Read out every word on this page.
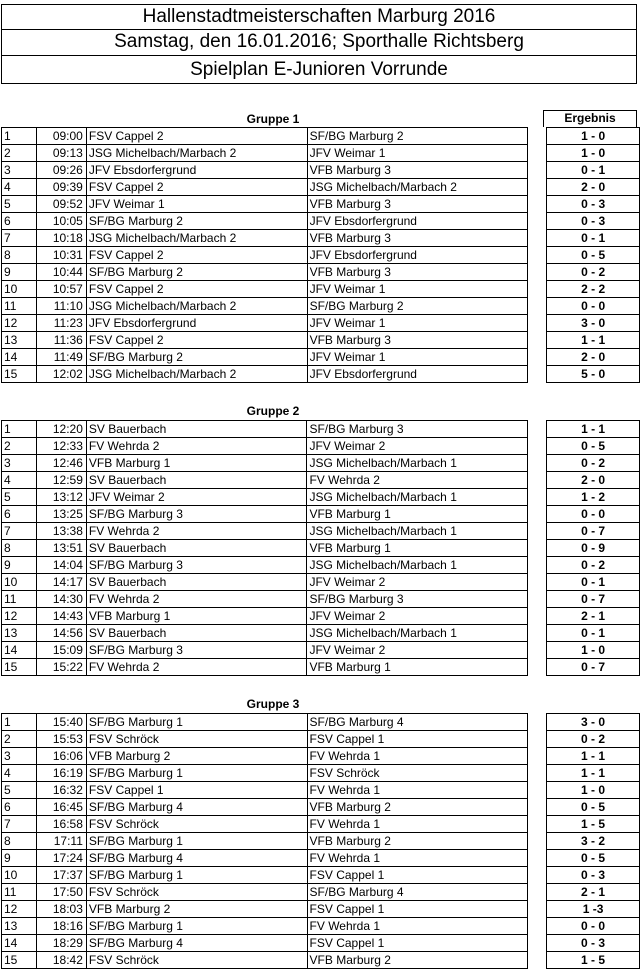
Hallenstadtmeisterschaften Marburg 2016
Samstag, den 16.01.2016; Sporthalle Richtsberg
Spielplan E-Junioren Vorrunde
Gruppe 1	Ergebnis
1	09:00	FSV Cappel 2	SF/BG Marburg 2		1 - 0
2	09:13	JSG Michelbach/Marbach 2	JFV Weimar 1		1 - 0
3	09:26	JFV Ebsdorfergrund	VFB Marburg 3		0 - 1
4	09:39	FSV Cappel 2	JSG Michelbach/Marbach 2		2 - 0
5	09:52	JFV Weimar 1	VFB Marburg 3		0 - 3
6	10:05	SF/BG Marburg 2	JFV Ebsdorfergrund		0 - 3
7	10:18	JSG Michelbach/Marbach 2	VFB Marburg 3		0 - 1
8	10:31	FSV Cappel 2	JFV Ebsdorfergrund		0 - 5
9	10:44	SF/BG Marburg 2	VFB Marburg 3		0 - 2
10	10:57	FSV Cappel 2	JFV Weimar 1		2 - 2
11	11:10	JSG Michelbach/Marbach 2	SF/BG Marburg 2		0 - 0
12	11:23	JFV Ebsdorfergrund	JFV Weimar 1		3 - 0
13	11:36	FSV Cappel 2	VFB Marburg 3		1 - 1
14	11:49	SF/BG Marburg 2	JFV Weimar 1		2 - 0
15	12:02	JSG Michelbach/Marbach 2	JFV Ebsdorfergrund		5 - 0
Gruppe 2
1	12:20	SV Bauerbach	SF/BG Marburg 3		1 - 1
2	12:33	FV Wehrda 2	JFV Weimar 2		0 - 5
3	12:46	VFB Marburg 1	JSG Michelbach/Marbach 1		0 - 2
4	12:59	SV Bauerbach	FV Wehrda 2		2 - 0
5	13:12	JFV Weimar 2	JSG Michelbach/Marbach 1		1 - 2
6	13:25	SF/BG Marburg 3	VFB Marburg 1		0 - 0
7	13:38	FV Wehrda 2	JSG Michelbach/Marbach 1		0 - 7
8	13:51	SV Bauerbach	VFB Marburg 1		0 - 9
9	14:04	SF/BG Marburg 3	JSG Michelbach/Marbach 1		0 - 2
10	14:17	SV Bauerbach	JFV Weimar 2		0 - 1
11	14:30	FV Wehrda 2	SF/BG Marburg 3		0 - 7
12	14:43	VFB Marburg 1	JFV Weimar 2		2 - 1
13	14:56	SV Bauerbach	JSG Michelbach/Marbach 1		0 - 1
14	15:09	SF/BG Marburg 3	JFV Weimar 2		1 - 0
15	15:22	FV Wehrda 2	VFB Marburg 1		0 - 7
Gruppe 3
1	15:40	SF/BG Marburg 1	SF/BG Marburg 4		3 - 0
2	15:53	FSV Schröck	FSV Cappel 1		0 - 2
3	16:06	VFB Marburg 2	FV Wehrda 1		1 - 1
4	16:19	SF/BG Marburg 1	FSV Schröck		1 - 1
5	16:32	FSV Cappel 1	FV Wehrda 1		1 - 0
6	16:45	SF/BG Marburg 4	VFB Marburg 2		0 - 5
7	16:58	FSV Schröck	FV Wehrda 1		1 - 5
8	17:11	SF/BG Marburg 1	VFB Marburg 2		3 - 2
9	17:24	SF/BG Marburg 4	FV Wehrda 1		0 - 5
10	17:37	SF/BG Marburg 1	FSV Cappel 1		0 - 3
11	17:50	FSV Schröck	SF/BG Marburg 4		2 - 1
12	18:03	VFB Marburg 2	FSV Cappel 1		1 -3
13	18:16	SF/BG Marburg 1	FV Wehrda 1		0 - 0
14	18:29	SF/BG Marburg 4	FSV Cappel 1		0 - 3
15	18:42	FSV Schröck	VFB Marburg 2		1 - 5
